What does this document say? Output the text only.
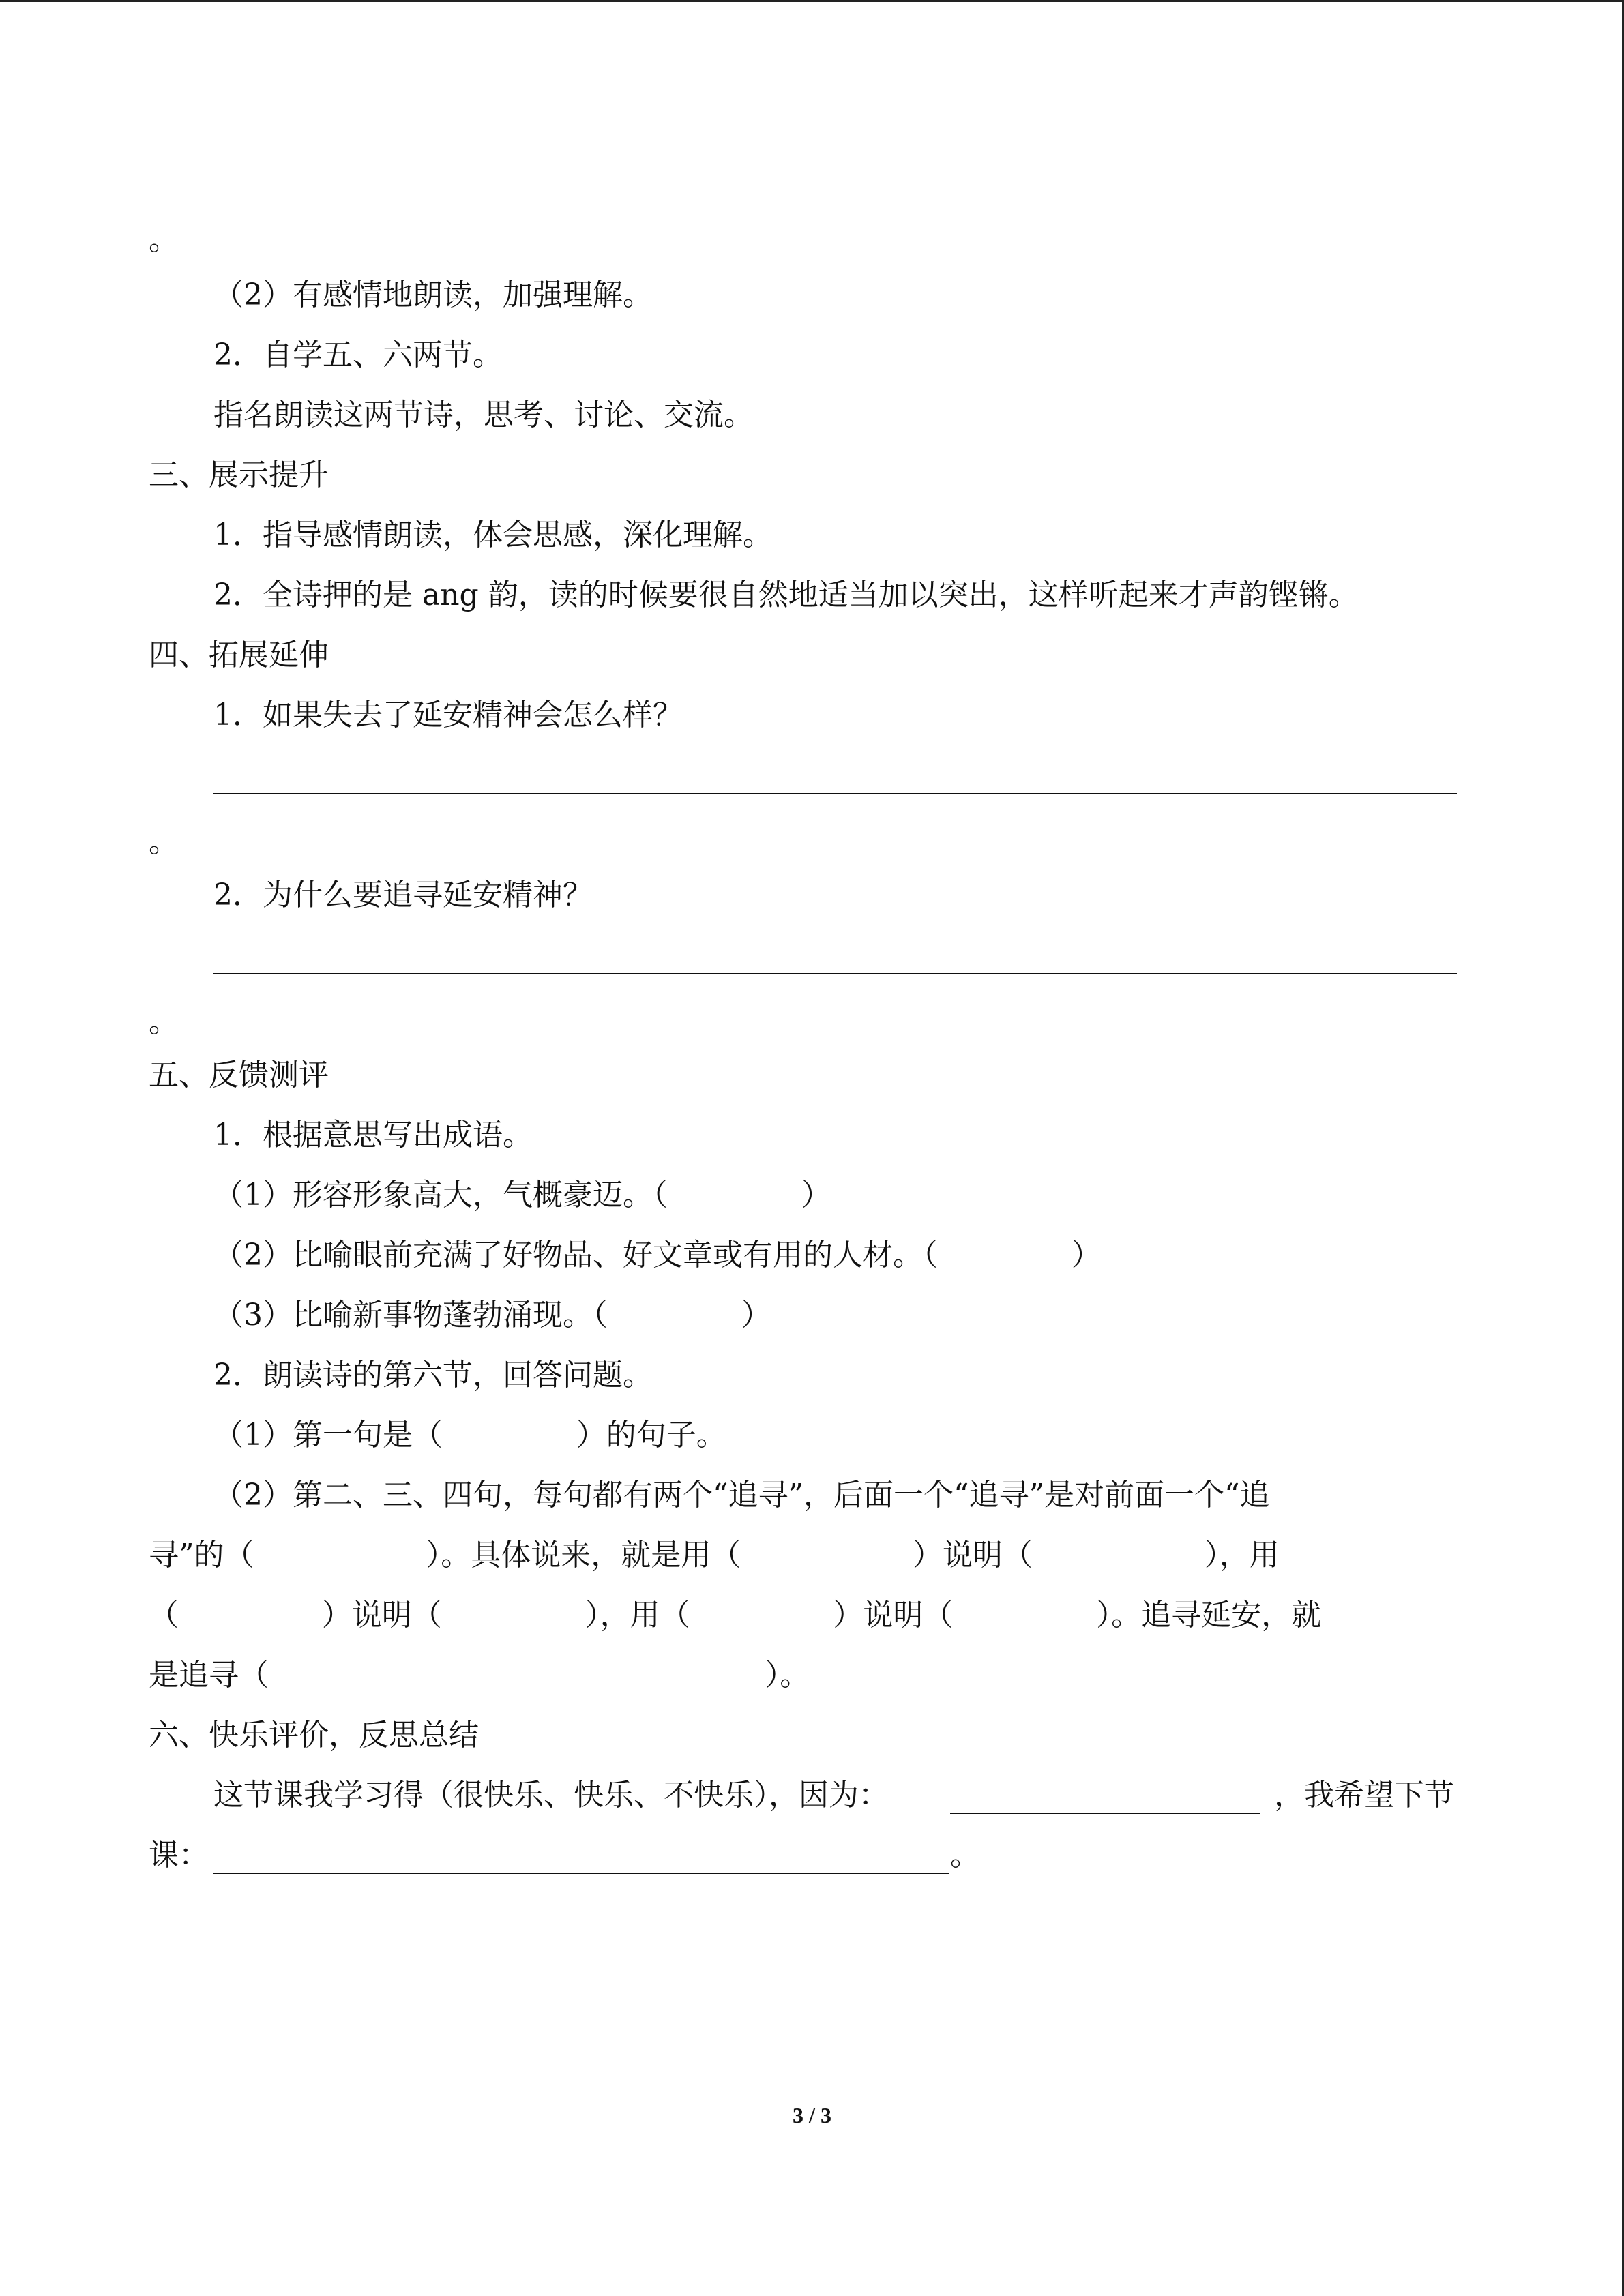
。

（2）有感情地朗读，加强理解。

2．自学五、六两节。

指名朗读这两节诗，思考、讨论、交流。

三、展示提升

1．指导感情朗读，体会思感，深化理解。

2．全诗押的是 ang 韵，读的时候要很自然地适当加以突出，这样听起来才声韵铿锵。

四、拓展延伸

1．如果失去了延安精神会怎么样？

。

2．为什么要追寻延安精神？

。

五、反馈测评

1．根据意思写出成语。

（1）形容形象高大，气概豪迈。（              ）

（2）比喻眼前充满了好物品、好文章或有用的人材。（              ）

（3）比喻新事物蓬勃涌现。（              ）

2．朗读诗的第六节，回答问题。

（1）第一句是（              ）的句子。

（2）第二、三、四句，每句都有两个“追寻”，后面一个“追寻”是对前面一个“追

寻”的（                  ）。具体说来，就是用（                  ）说明（                  ），用

（               ）说明（               ），用（               ）说明（               ）。追寻延安，就

是追寻（                                                    ）。

六、快乐评价，反思总结

这节课我学习得（很快乐、快乐、不快乐），因为：	，我希望下节

课：	。

3 / 3
